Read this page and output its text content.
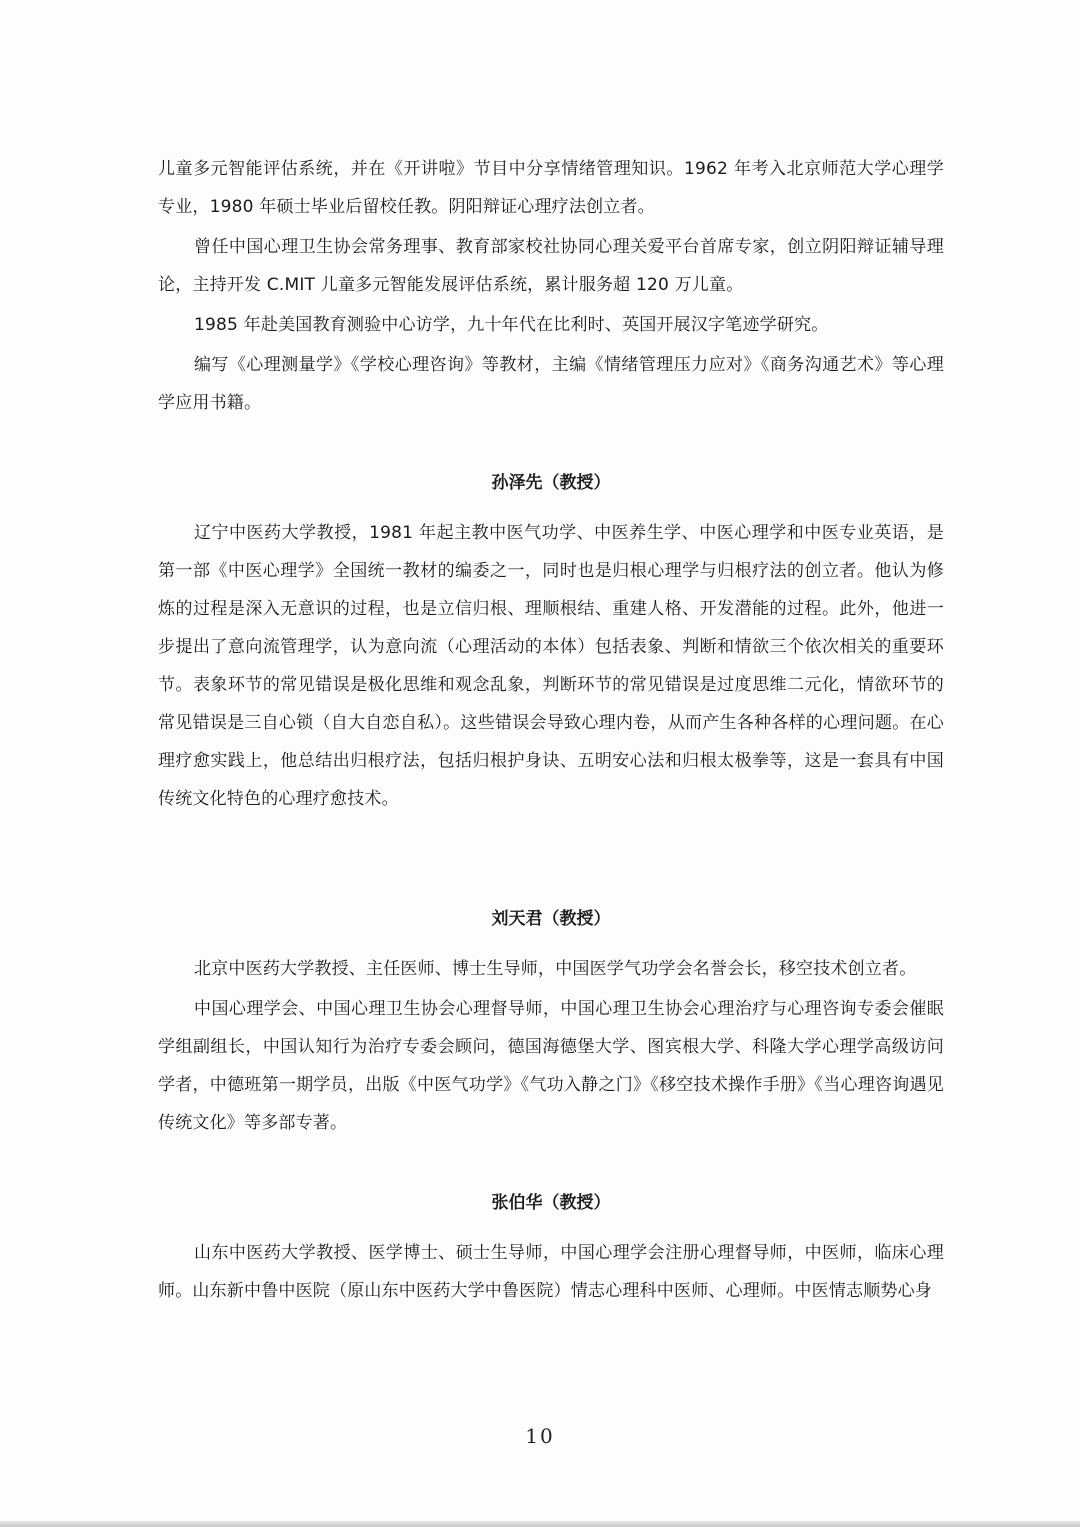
儿童多元智能评估系统，并在《开讲啦》节目中分享情绪管理知识。1962 年考入北京师范大学心理学专业，1980 年硕士毕业后留校任教。阴阳辩证心理疗法创立者。

曾任中国心理卫生协会常务理事、教育部家校社协同心理关爱平台首席专家，创立阴阳辩证辅导理论，主持开发 C.MIT 儿童多元智能发展评估系统，累计服务超 120 万儿童。

1985 年赴美国教育测验中心访学，九十年代在比利时、英国开展汉字笔迹学研究。

编写《心理测量学》《学校心理咨询》等教材，主编《情绪管理压力应对》《商务沟通艺术》等心理学应用书籍。

孙泽先（教授）

辽宁中医药大学教授，1981 年起主教中医气功学、中医养生学、中医心理学和中医专业英语，是第一部《中医心理学》全国统一教材的编委之一，同时也是归根心理学与归根疗法的创立者。他认为修炼的过程是深入无意识的过程，也是立信归根、理顺根结、重建人格、开发潜能的过程。此外，他进一步提出了意向流管理学，认为意向流（心理活动的本体）包括表象、判断和情欲三个依次相关的重要环节。表象环节的常见错误是极化思维和观念乱象，判断环节的常见错误是过度思维二元化，情欲环节的常见错误是三自心锁（自大自恋自私）。这些错误会导致心理内卷，从而产生各种各样的心理问题。在心理疗愈实践上，他总结出归根疗法，包括归根护身诀、五明安心法和归根太极拳等，这是一套具有中国传统文化特色的心理疗愈技术。

刘天君（教授）

北京中医药大学教授、主任医师、博士生导师，中国医学气功学会名誉会长，移空技术创立者。

中国心理学会、中国心理卫生协会心理督导师，中国心理卫生协会心理治疗与心理咨询专委会催眠学组副组长，中国认知行为治疗专委会顾问，德国海德堡大学、图宾根大学、科隆大学心理学高级访问学者，中德班第一期学员，出版《中医气功学》《气功入静之门》《移空技术操作手册》《当心理咨询遇见传统文化》等多部专著。

张伯华（教授）

山东中医药大学教授、医学博士、硕士生导师，中国心理学会注册心理督导师，中医师，临床心理师。山东新中鲁中医院（原山东中医药大学中鲁医院）情志心理科中医师、心理师。中医情志顺势心身

10
